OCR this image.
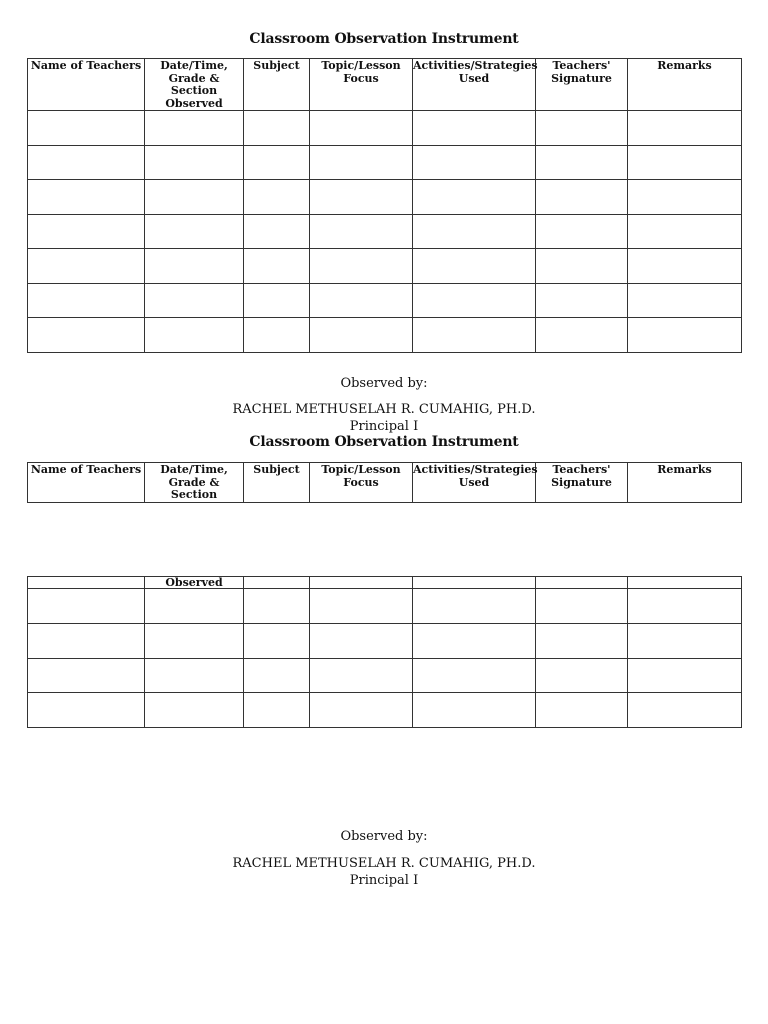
Classroom Observation Instrument
Name of Teachers	Date/Time, Grade & Section Observed	Subject	Topic/Lesson Focus	Activities/Strategies Used	Teachers' Signature	Remarks

Observed by:
RACHEL METHUSELAH R. CUMAHIG, PH.D.
Principal I
Classroom Observation Instrument
Name of Teachers	Date/Time, Grade & Section	Subject	Topic/Lesson Focus	Activities/Strategies Used	Teachers' Signature	Remarks
	Observed					

Observed by:
RACHEL METHUSELAH R. CUMAHIG, PH.D.
Principal I
